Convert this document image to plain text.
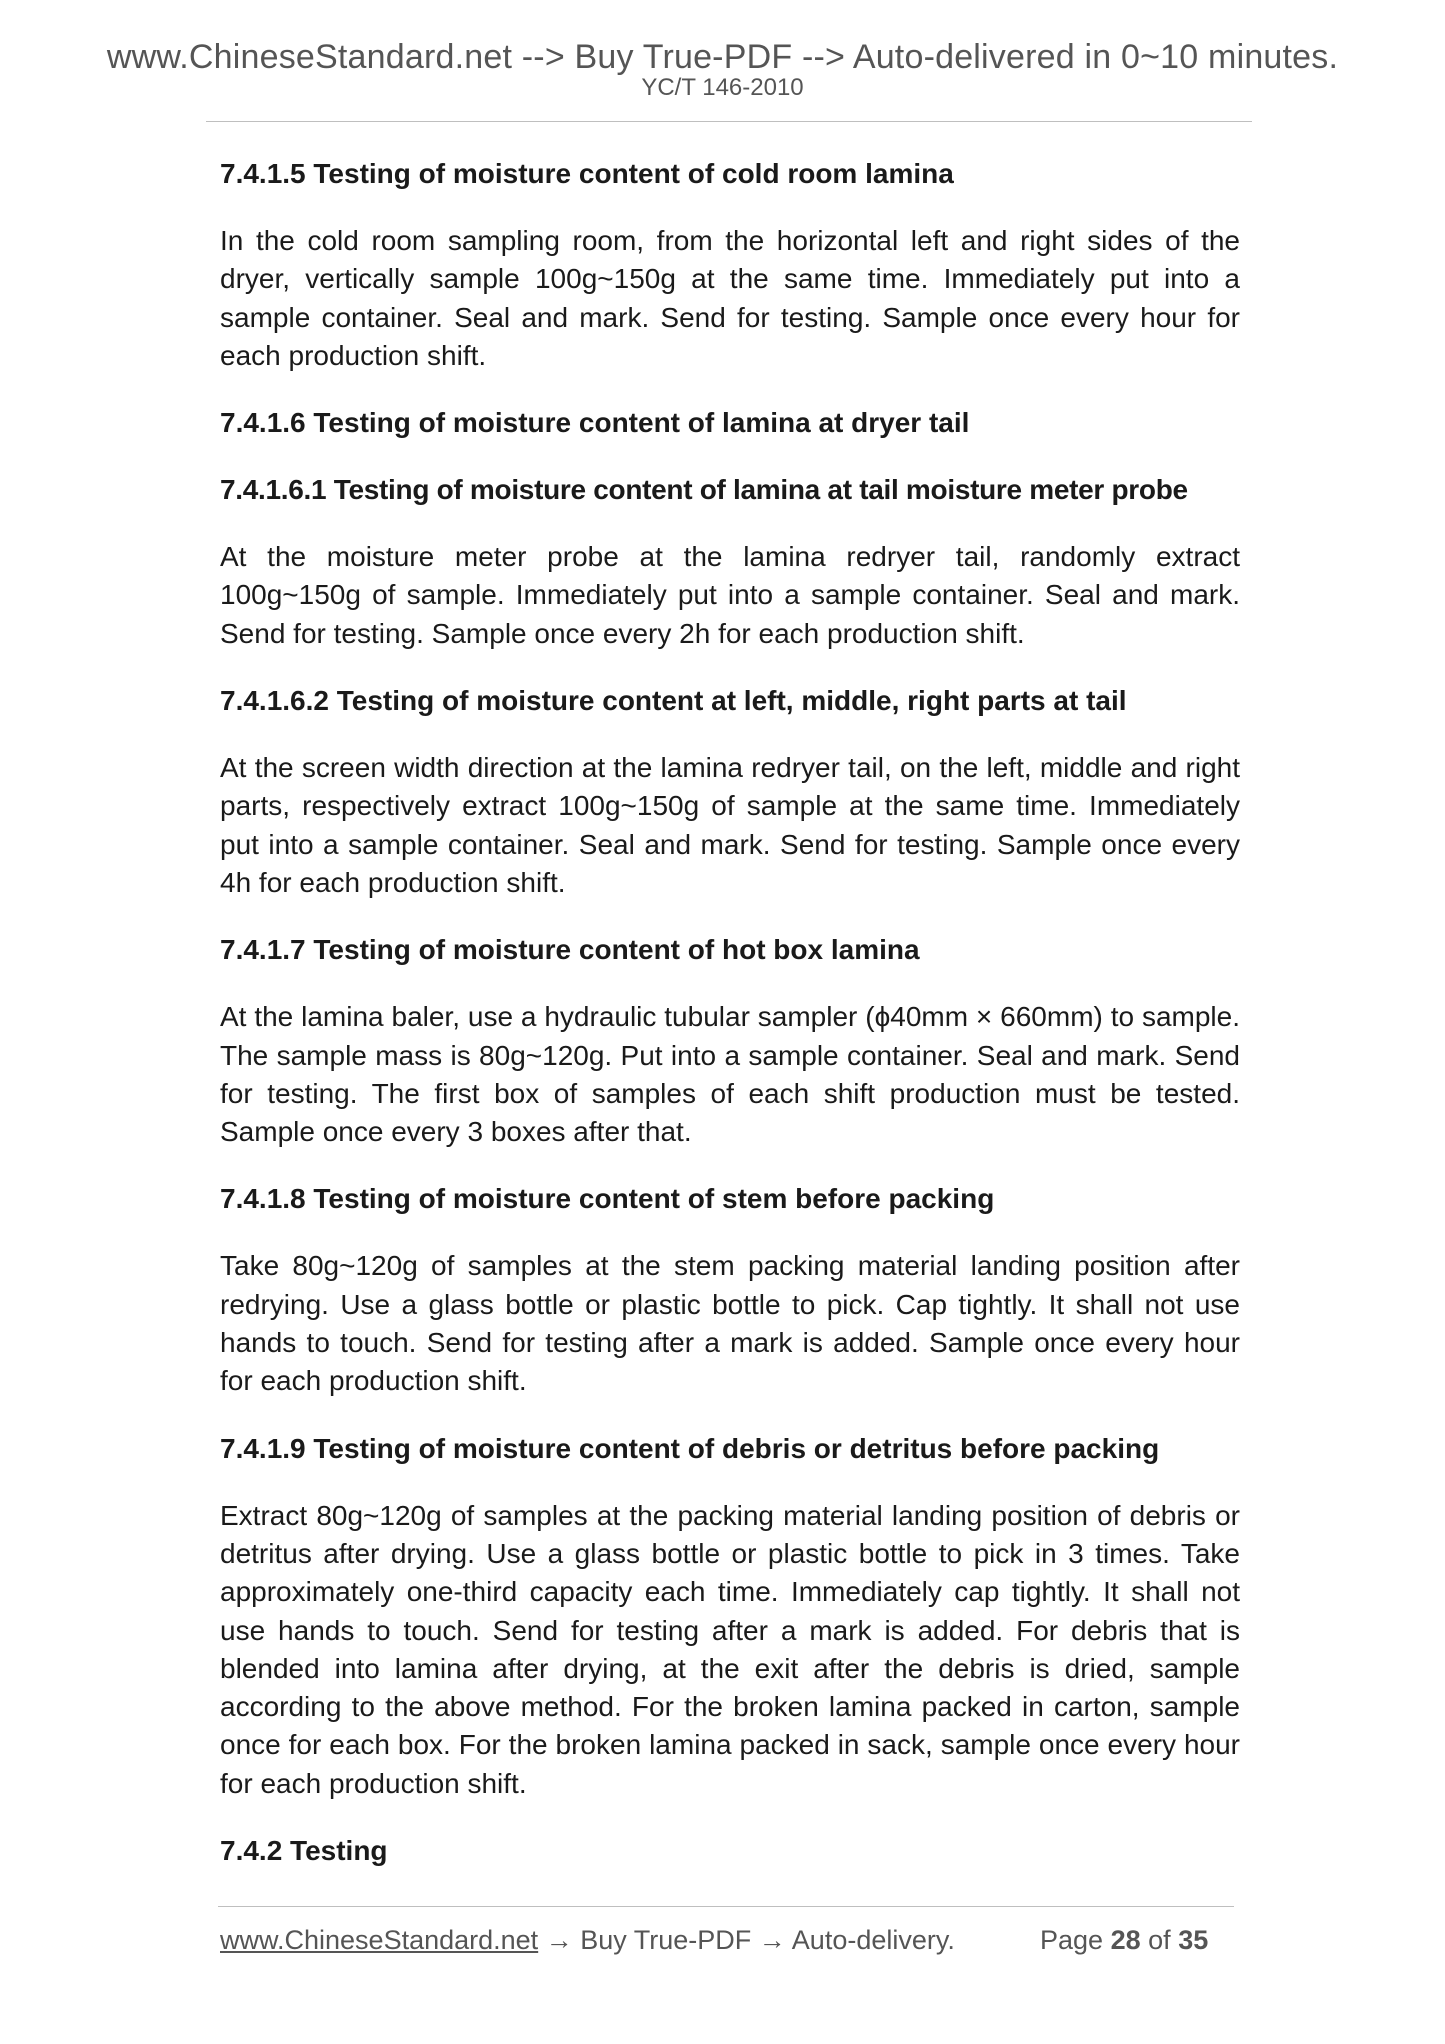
www.ChineseStandard.net --> Buy True-PDF --> Auto-delivered in 0~10 minutes.
YC/T 146-2010
7.4.1.5 Testing of moisture content of cold room lamina

In the cold room sampling room, from the horizontal left and right sides of the dryer, vertically sample 100g~150g at the same time. Immediately put into a sample container. Seal and mark. Send for testing. Sample once every hour for each production shift.

7.4.1.6 Testing of moisture content of lamina at dryer tail
7.4.1.6.1 Testing of moisture content of lamina at tail moisture meter probe

At the moisture meter probe at the lamina redryer tail, randomly extract 100g~150g of sample. Immediately put into a sample container. Seal and mark. Send for testing. Sample once every 2h for each production shift.

7.4.1.6.2 Testing of moisture content at left, middle, right parts at tail

At the screen width direction at the lamina redryer tail, on the left, middle and right parts, respectively extract 100g~150g of sample at the same time. Immediately put into a sample container. Seal and mark. Send for testing. Sample once every 4h for each production shift.

7.4.1.7 Testing of moisture content of hot box lamina

At the lamina baler, use a hydraulic tubular sampler (ϕ40mm × 660mm) to sample. The sample mass is 80g~120g. Put into a sample container. Seal and mark. Send for testing. The first box of samples of each shift production must be tested. Sample once every 3 boxes after that.

7.4.1.8 Testing of moisture content of stem before packing

Take 80g~120g of samples at the stem packing material landing position after redrying. Use a glass bottle or plastic bottle to pick. Cap tightly. It shall not use hands to touch. Send for testing after a mark is added. Sample once every hour for each production shift.

7.4.1.9 Testing of moisture content of debris or detritus before packing

Extract 80g~120g of samples at the packing material landing position of debris or detritus after drying. Use a glass bottle or plastic bottle to pick in 3 times. Take approximately one-third capacity each time. Immediately cap tightly. It shall not use hands to touch. Send for testing after a mark is added. For debris that is blended into lamina after drying, at the exit after the debris is dried, sample according to the above method. For the broken lamina packed in carton, sample once for each box. For the broken lamina packed in sack, sample once every hour for each production shift.

7.4.2 Testing
www.ChineseStandard.net → Buy True-PDF → Auto-delivery.	Page 28 of 35
